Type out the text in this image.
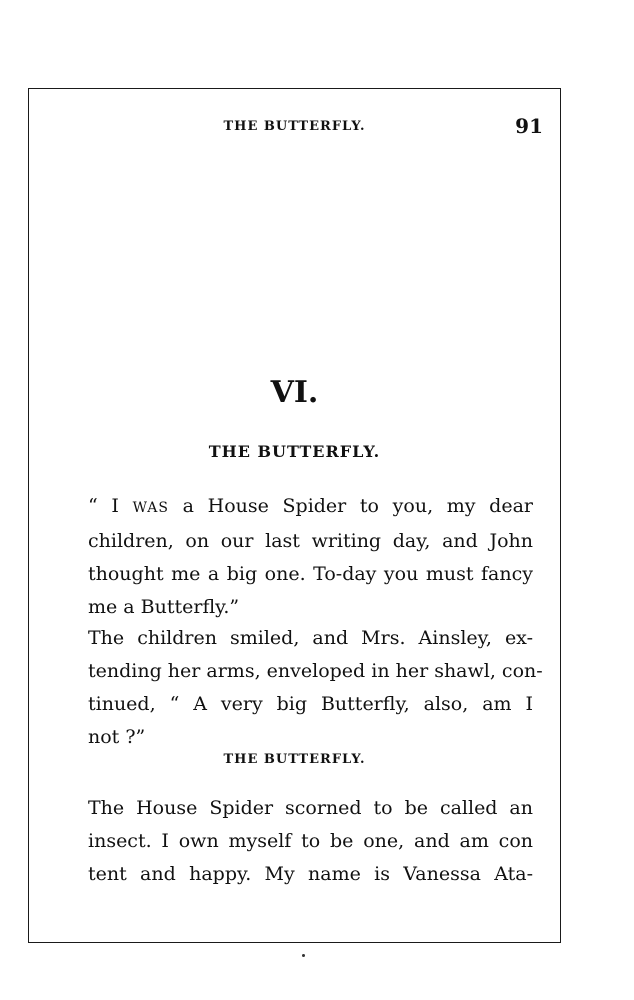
THE BUTTERFLY.	91
VI.
THE BUTTERFLY.

“ I WAS a House Spider to you, my dear
children, on our last writing day, and John
thought me a big one. To-day you must fancy
me a Butterfly.”

The children smiled, and Mrs. Ainsley, ex-
tending her arms, enveloped in her shawl, con-
tinued, “ A very big Butterfly, also, am I
not ?”

THE BUTTERFLY.

The House Spider scorned to be called an
insect. I own myself to be one, and am con
tent and happy. My name is Vanessa Ata-
